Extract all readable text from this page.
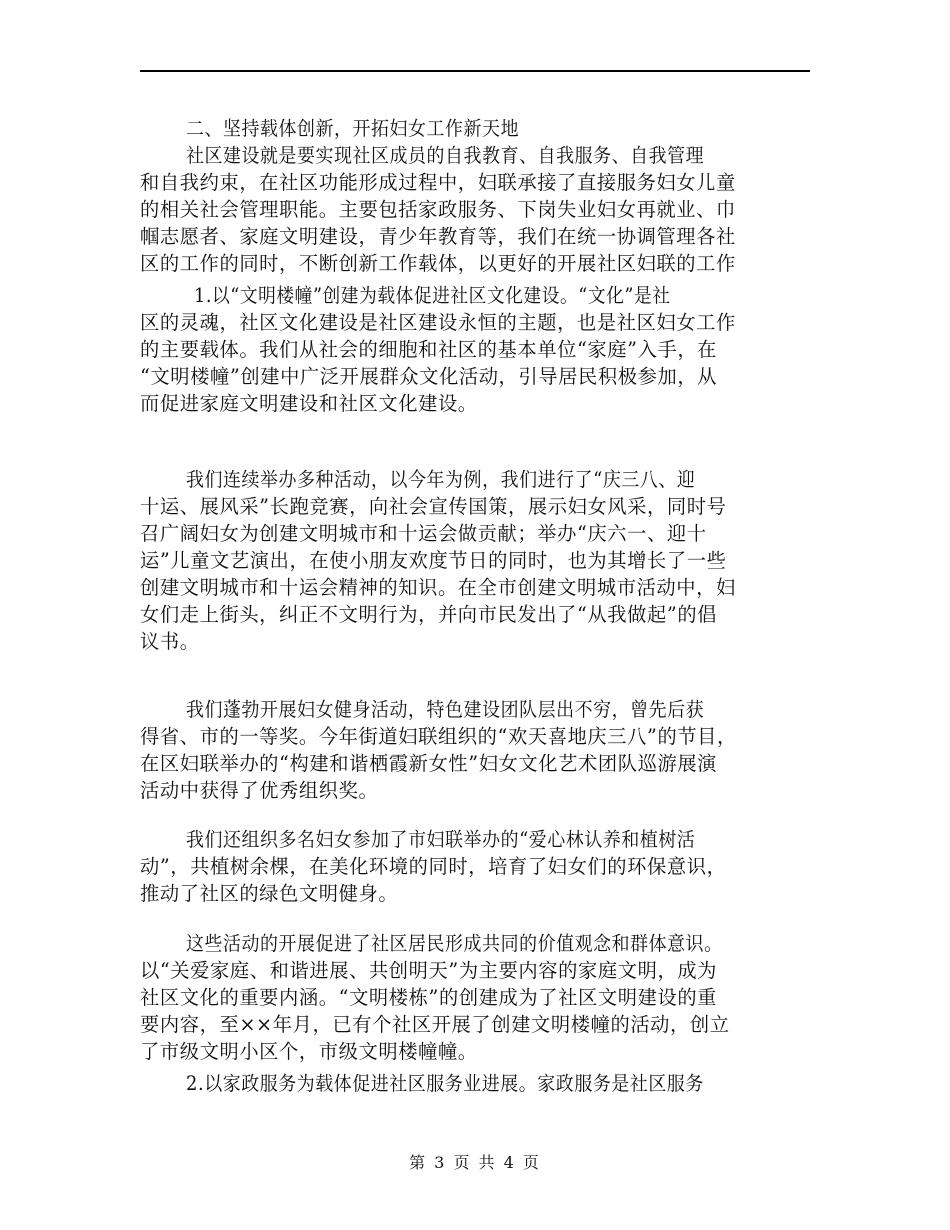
二、坚持载体创新，开拓妇女工作新天地
社区建设就是要实现社区成员的自我教育、自我服务、自我管理
和自我约束，在社区功能形成过程中，妇联承接了直接服务妇女儿童
的相关社会管理职能。主要包括家政服务、下岗失业妇女再就业、巾
帼志愿者、家庭文明建设，青少年教育等，我们在统一协调管理各社
区的工作的同时，不断创新工作载体，以更好的开展社区妇联的工作
1.以“文明楼幢”创建为载体促进社区文化建设。“文化”是社
区的灵魂，社区文化建设是社区建设永恒的主题，也是社区妇女工作
的主要载体。我们从社会的细胞和社区的基本单位“家庭”入手，在
“文明楼幢”创建中广泛开展群众文化活动，引导居民积极参加，从
而促进家庭文明建设和社区文化建设。
我们连续举办多种活动，以今年为例，我们进行了“庆三八、迎
十运、展风采”长跑竞赛，向社会宣传国策，展示妇女风采，同时号
召广阔妇女为创建文明城市和十运会做贡献；举办“庆六一、迎十
运”儿童文艺演出，在使小朋友欢度节日的同时，也为其增长了一些
创建文明城市和十运会精神的知识。在全市创建文明城市活动中，妇
女们走上街头，纠正不文明行为，并向市民发出了“从我做起”的倡
议书。
我们蓬勃开展妇女健身活动，特色建设团队层出不穷，曾先后获
得省、市的一等奖。今年街道妇联组织的“欢天喜地庆三八”的节目，
在区妇联举办的“构建和谐栖霞新女性”妇女文化艺术团队巡游展演
活动中获得了优秀组织奖。
我们还组织多名妇女参加了市妇联举办的“爱心林认养和植树活
动”，共植树余棵，在美化环境的同时，培育了妇女们的环保意识，
推动了社区的绿色文明健身。
这些活动的开展促进了社区居民形成共同的价值观念和群体意识。
以“关爱家庭、和谐进展、共创明天”为主要内容的家庭文明，成为
社区文化的重要内涵。“文明楼栋”的创建成为了社区文明建设的重
要内容，至××年月，已有个社区开展了创建文明楼幢的活动，创立
了市级文明小区个，市级文明楼幢幢。
2.以家政服务为载体促进社区服务业进展。家政服务是社区服务
第 3 页 共 4 页
